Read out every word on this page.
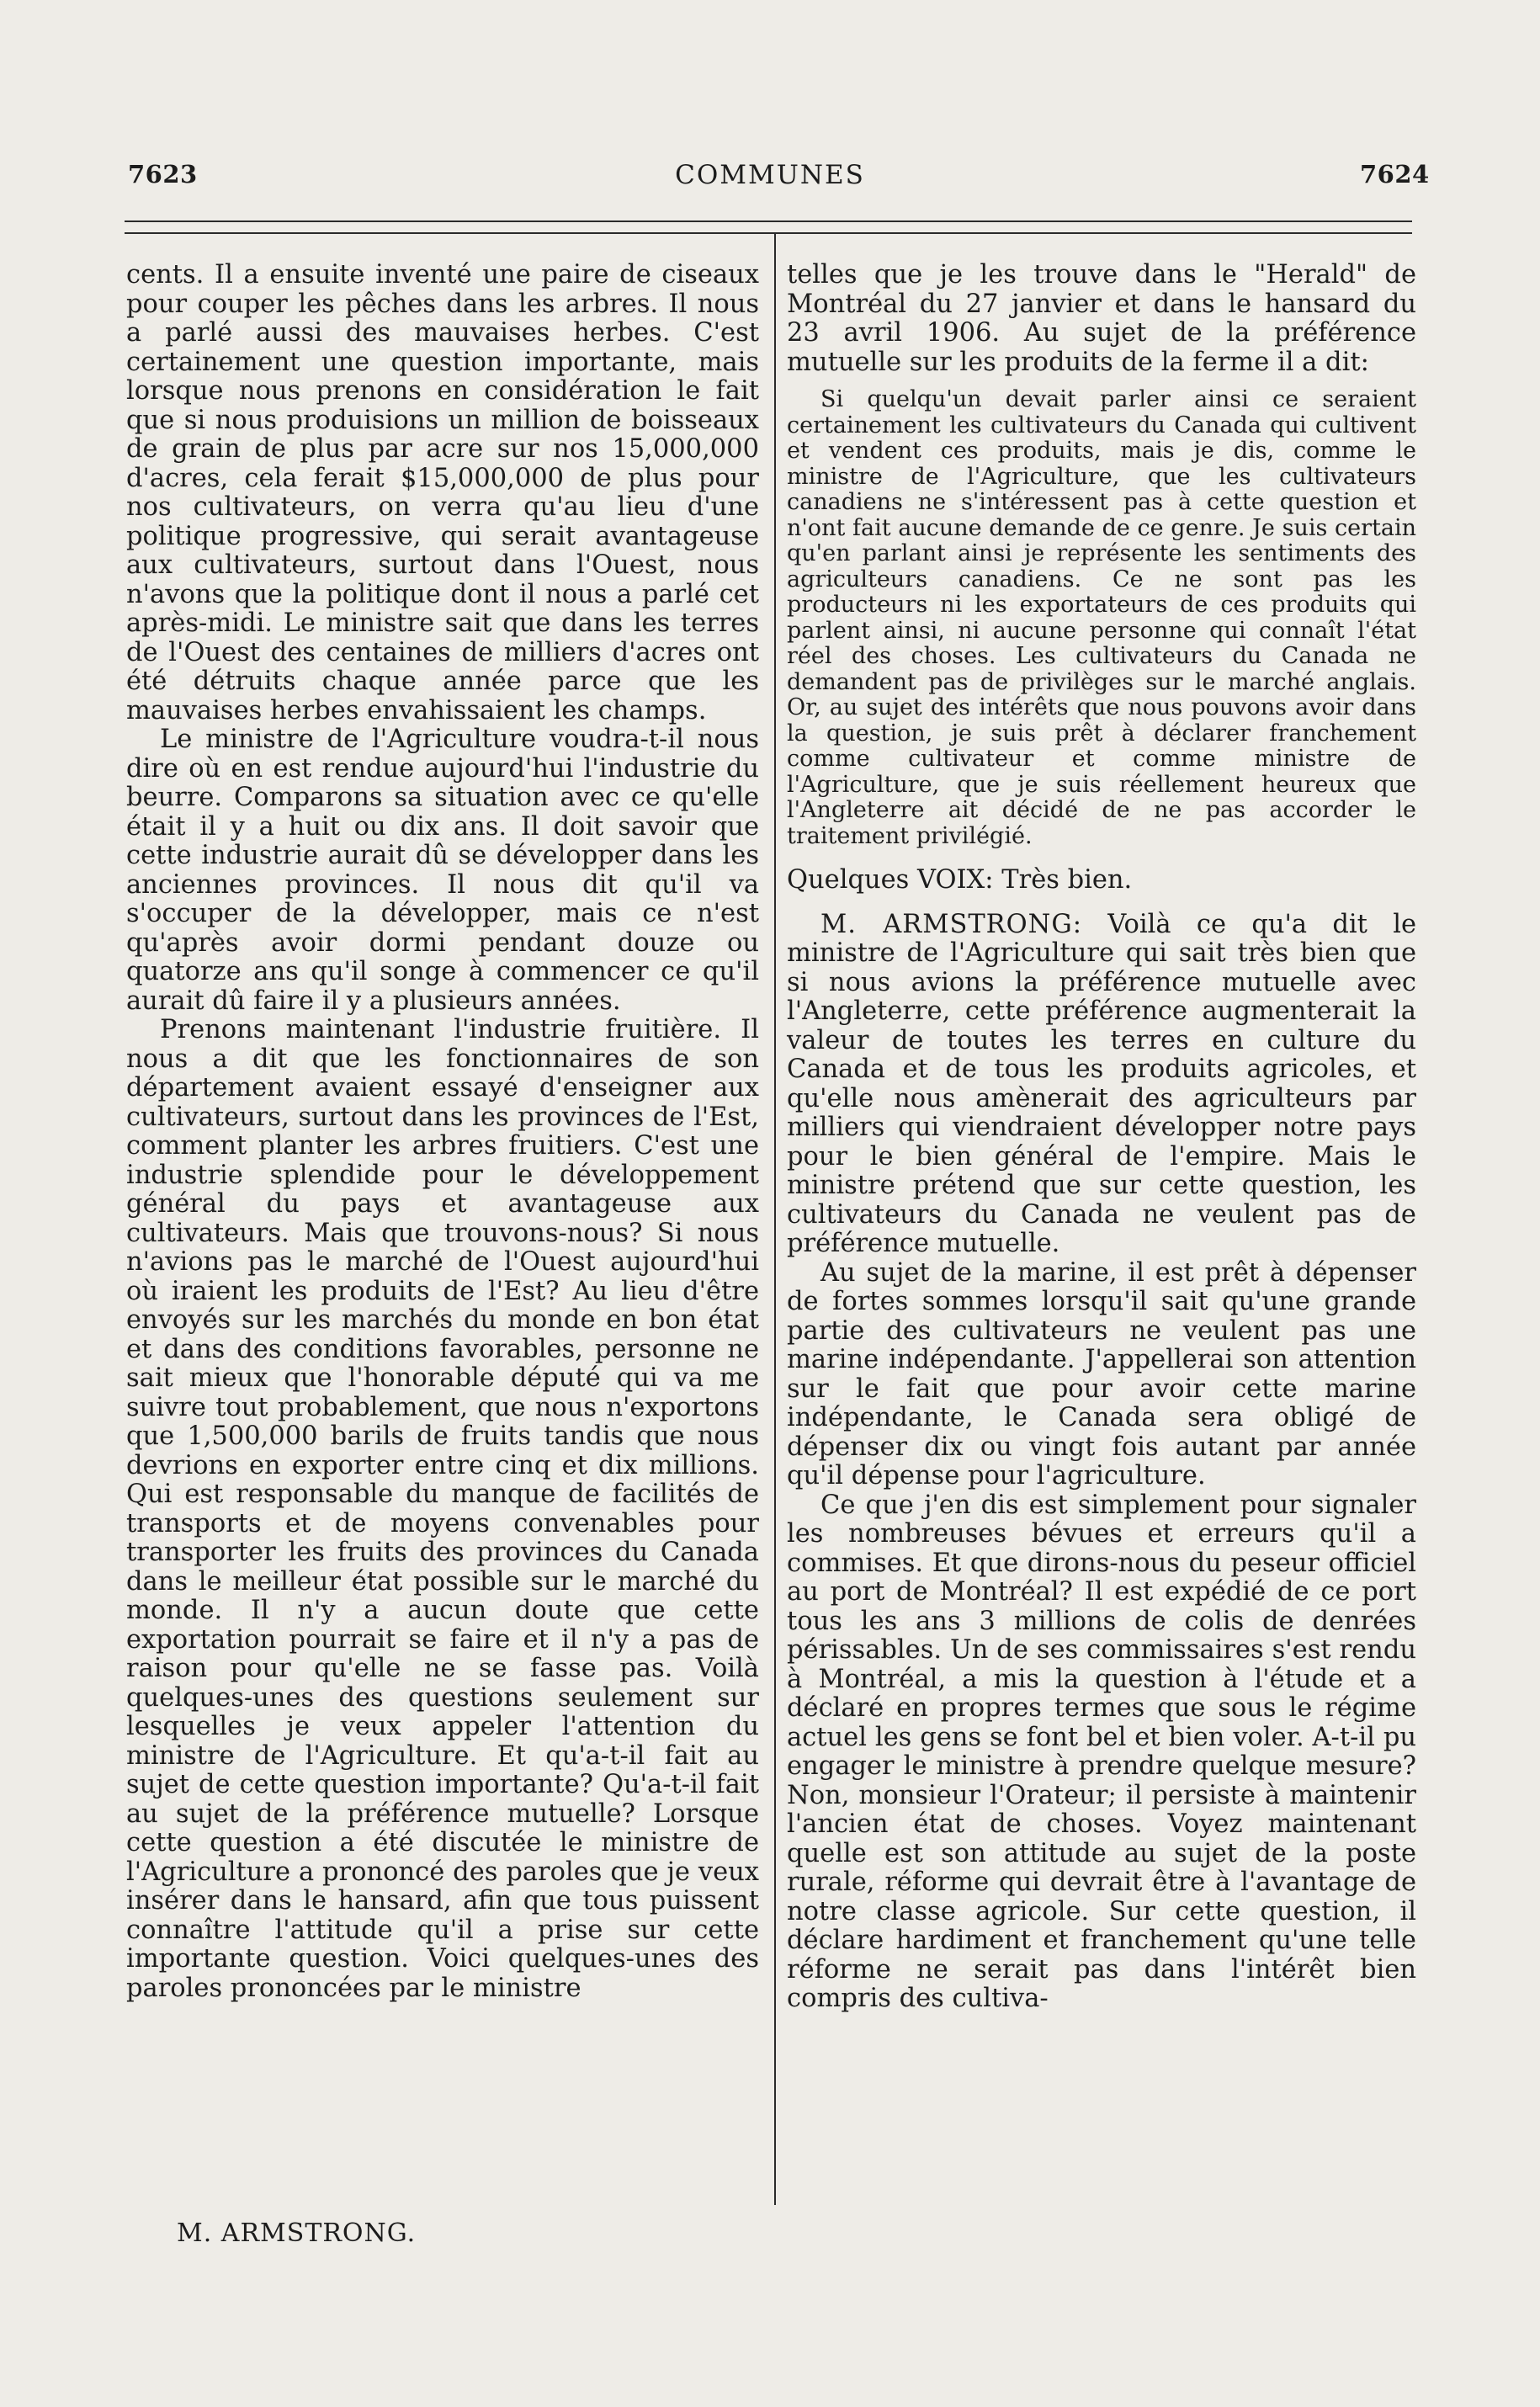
7623	COMMUNES	7624

cents. Il a ensuite inventé une paire de ciseaux pour couper les pêches dans les arbres. Il nous a parlé aussi des mauvaises herbes. C'est certainement une question importante, mais lorsque nous prenons en considération le fait que si nous produisions un million de boisseaux de grain de plus par acre sur nos 15,000,000 d'acres, cela ferait $15,000,000 de plus pour nos cultivateurs, on verra qu'au lieu d'une politique progressive, qui serait avantageuse aux cultivateurs, surtout dans l'Ouest, nous n'avons que la politique dont il nous a parlé cet après-midi. Le ministre sait que dans les terres de l'Ouest des centaines de milliers d'acres ont été détruits chaque année parce que les mauvaises herbes envahissaient les champs.

Le ministre de l'Agriculture voudra-t-il nous dire où en est rendue aujourd'hui l'industrie du beurre. Comparons sa situation avec ce qu'elle était il y a huit ou dix ans. Il doit savoir que cette industrie aurait dû se développer dans les anciennes provinces. Il nous dit qu'il va s'occuper de la développer, mais ce n'est qu'après avoir dormi pendant douze ou quatorze ans qu'il songe à commencer ce qu'il aurait dû faire il y a plusieurs années.

Prenons maintenant l'industrie fruitière. Il nous a dit que les fonctionnaires de son département avaient essayé d'enseigner aux cultivateurs, surtout dans les provinces de l'Est, comment planter les arbres fruitiers. C'est une industrie splendide pour le développement général du pays et avantageuse aux cultivateurs. Mais que trouvons-nous? Si nous n'avions pas le marché de l'Ouest aujourd'hui où iraient les produits de l'Est? Au lieu d'être envoyés sur les marchés du monde en bon état et dans des conditions favorables, personne ne sait mieux que l'honorable député qui va me suivre tout probablement, que nous n'exportons que 1,500,000 barils de fruits tandis que nous devrions en exporter entre cinq et dix millions. Qui est responsable du manque de facilités de transports et de moyens convenables pour transporter les fruits des provinces du Canada dans le meilleur état possible sur le marché du monde. Il n'y a aucun doute que cette exportation pourrait se faire et il n'y a pas de raison pour qu'elle ne se fasse pas. Voilà quelques-unes des questions seulement sur lesquelles je veux appeler l'attention du ministre de l'Agriculture. Et qu'a-t-il fait au sujet de cette question importante? Qu'a-t-il fait au sujet de la préférence mutuelle? Lorsque cette question a été discutée le ministre de l'Agriculture a prononcé des paroles que je veux insérer dans le hansard, afin que tous puissent connaître l'attitude qu'il a prise sur cette importante question. Voici quelques-unes des paroles prononcées par le ministre

telles que je les trouve dans le "Herald" de Montréal du 27 janvier et dans le hansard du 23 avril 1906. Au sujet de la préférence mutuelle sur les produits de la ferme il a dit:

Si quelqu'un devait parler ainsi ce seraient certainement les cultivateurs du Canada qui cultivent et vendent ces produits, mais je dis, comme le ministre de l'Agriculture, que les cultivateurs canadiens ne s'intéressent pas à cette question et n'ont fait aucune demande de ce genre. Je suis certain qu'en parlant ainsi je représente les sentiments des agriculteurs canadiens. Ce ne sont pas les producteurs ni les exportateurs de ces produits qui parlent ainsi, ni aucune personne qui connaît l'état réel des choses. Les cultivateurs du Canada ne demandent pas de privilèges sur le marché anglais. Or, au sujet des intérêts que nous pouvons avoir dans la question, je suis prêt à déclarer franchement comme cultivateur et comme ministre de l'Agriculture, que je suis réellement heureux que l'Angleterre ait décidé de ne pas accorder le traitement privilégié.

Quelques VOIX: Très bien.

M. ARMSTRONG: Voilà ce qu'a dit le ministre de l'Agriculture qui sait très bien que si nous avions la préférence mutuelle avec l'Angleterre, cette préférence augmenterait la valeur de toutes les terres en culture du Canada et de tous les produits agricoles, et qu'elle nous amènerait des agriculteurs par milliers qui viendraient développer notre pays pour le bien général de l'empire. Mais le ministre prétend que sur cette question, les cultivateurs du Canada ne veulent pas de préférence mutuelle.

Au sujet de la marine, il est prêt à dépenser de fortes sommes lorsqu'il sait qu'une grande partie des cultivateurs ne veulent pas une marine indépendante. J'appellerai son attention sur le fait que pour avoir cette marine indépendante, le Canada sera obligé de dépenser dix ou vingt fois autant par année qu'il dépense pour l'agriculture.

Ce que j'en dis est simplement pour signaler les nombreuses bévues et erreurs qu'il a commises. Et que dirons-nous du peseur officiel au port de Montréal? Il est expédié de ce port tous les ans 3 millions de colis de denrées périssables. Un de ses commissaires s'est rendu à Montréal, a mis la question à l'étude et a déclaré en propres termes que sous le régime actuel les gens se font bel et bien voler. A-t-il pu engager le ministre à prendre quelque mesure? Non, monsieur l'Orateur; il persiste à maintenir l'ancien état de choses. Voyez maintenant quelle est son attitude au sujet de la poste rurale, réforme qui devrait être à l'avantage de notre classe agricole. Sur cette question, il déclare hardiment et franchement qu'une telle réforme ne serait pas dans l'intérêt bien compris des cultiva-

M. ARMSTRONG.
